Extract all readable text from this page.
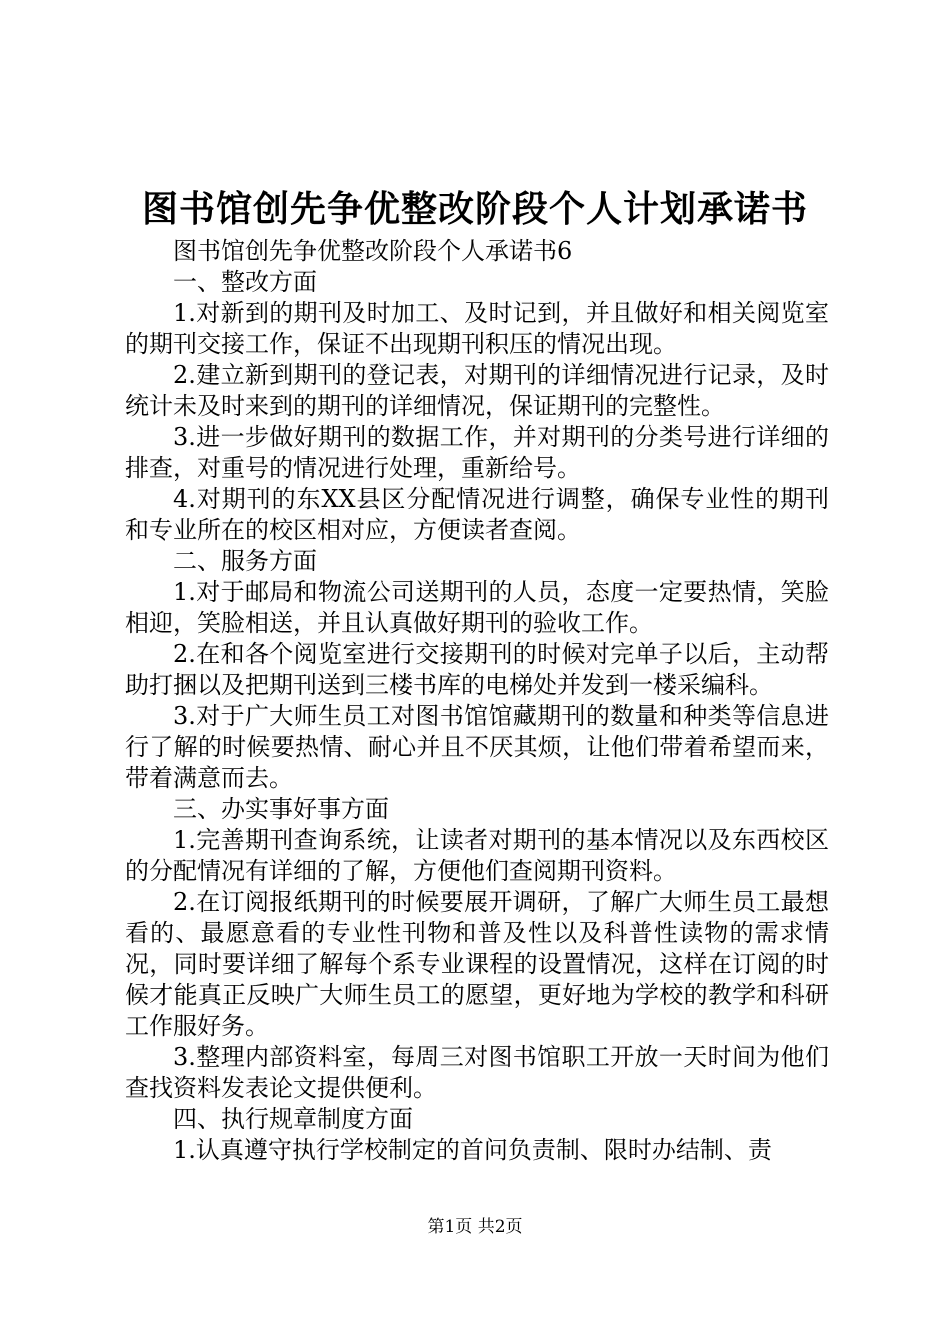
图书馆创先争优整改阶段个人计划承诺书

图书馆创先争优整改阶段个人承诺书6

一、整改方面

1.对新到的期刊及时加工、及时记到，并且做好和相关阅览室的期刊交接工作，保证不出现期刊积压的情况出现。

2.建立新到期刊的登记表，对期刊的详细情况进行记录，及时统计未及时来到的期刊的详细情况，保证期刊的完整性。

3.进一步做好期刊的数据工作，并对期刊的分类号进行详细的排查，对重号的情况进行处理，重新给号。

4.对期刊的东XX县区分配情况进行调整，确保专业性的期刊和专业所在的校区相对应，方便读者查阅。

二、服务方面

1.对于邮局和物流公司送期刊的人员，态度一定要热情，笑脸相迎，笑脸相送，并且认真做好期刊的验收工作。

2.在和各个阅览室进行交接期刊的时候对完单子以后，主动帮助打捆以及把期刊送到三楼书库的电梯处并发到一楼采编科。

3.对于广大师生员工对图书馆馆藏期刊的数量和种类等信息进行了解的时候要热情、耐心并且不厌其烦，让他们带着希望而来，带着满意而去。

三、办实事好事方面

1.完善期刊查询系统，让读者对期刊的基本情况以及东西校区的分配情况有详细的了解，方便他们查阅期刊资料。

2.在订阅报纸期刊的时候要展开调研，了解广大师生员工最想看的、最愿意看的专业性刊物和普及性以及科普性读物的需求情况，同时要详细了解每个系专业课程的设置情况，这样在订阅的时候才能真正反映广大师生员工的愿望，更好地为学校的教学和科研工作服好务。

3.整理内部资料室，每周三对图书馆职工开放一天时间为他们查找资料发表论文提供便利。

四、执行规章制度方面

1.认真遵守执行学校制定的首问负责制、限时办结制、责

第1页 共2页
